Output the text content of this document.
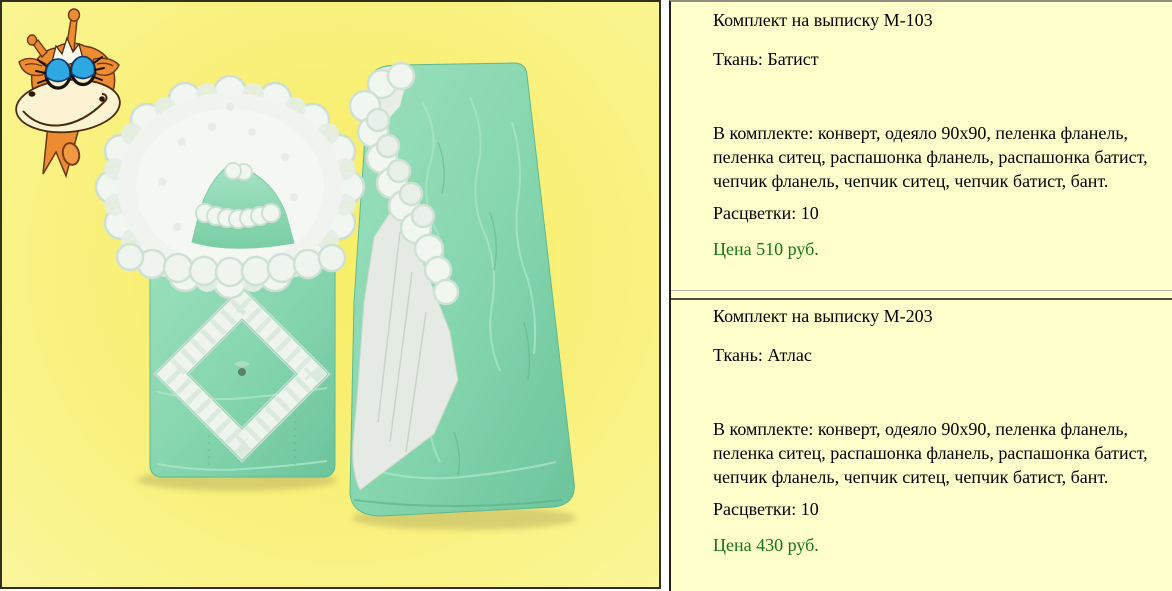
Комплект на выписку М-103

Ткань: Батист

В комплекте: конверт, одеяло 90х90, пеленка фланель,
пеленка ситец, распашонка фланель, распашонка батист,
чепчик фланель, чепчик ситец, чепчик батист, бант.

Расцветки: 10

Цена 510 руб.

Комплект на выписку М-203

Ткань: Атлас

В комплекте: конверт, одеяло 90х90, пеленка фланель,
пеленка ситец, распашонка фланель, распашонка батист,
чепчик фланель, чепчик ситец, чепчик батист, бант.

Расцветки: 10

Цена 430 руб.
